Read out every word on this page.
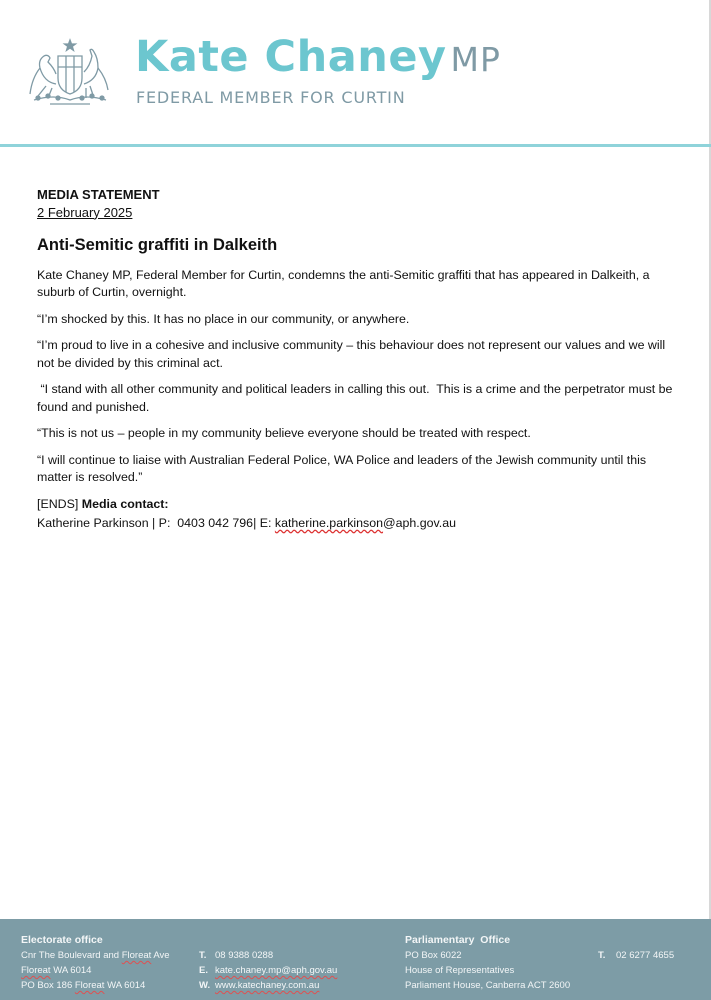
Kate Chaney MP
FEDERAL MEMBER FOR CURTIN

MEDIA STATEMENT

2 February 2025

Anti-Semitic graffiti in Dalkeith

Kate Chaney MP, Federal Member for Curtin, condemns the anti-Semitic graffiti that has appeared in Dalkeith, a suburb of Curtin, overnight.

“I’m shocked by this. It has no place in our community, or anywhere.

“I’m proud to live in a cohesive and inclusive community – this behaviour does not represent our values and we will not be divided by this criminal act.

“I stand with all other community and political leaders in calling this out.  This is a crime and the perpetrator must be found and punished.

“This is not us – people in my community believe everyone should be treated with respect.

“I will continue to liaise with Australian Federal Police, WA Police and leaders of the Jewish community until this matter is resolved.”

[ENDS] Media contact:

Katherine Parkinson | P:  0403 042 796| E: katherine.parkinson@aph.gov.au

Electorate office
Cnr The Boulevard and Floreat Ave
Floreat WA 6014
PO Box 186 Floreat WA 6014
T. 08 9388 0288
E. kate.chaney.mp@aph.gov.au
W. www.katechaney.com.au
Parliamentary  Office
PO Box 6022
House of Representatives
Parliament House, Canberra ACT 2600
T. 02 6277 4655
